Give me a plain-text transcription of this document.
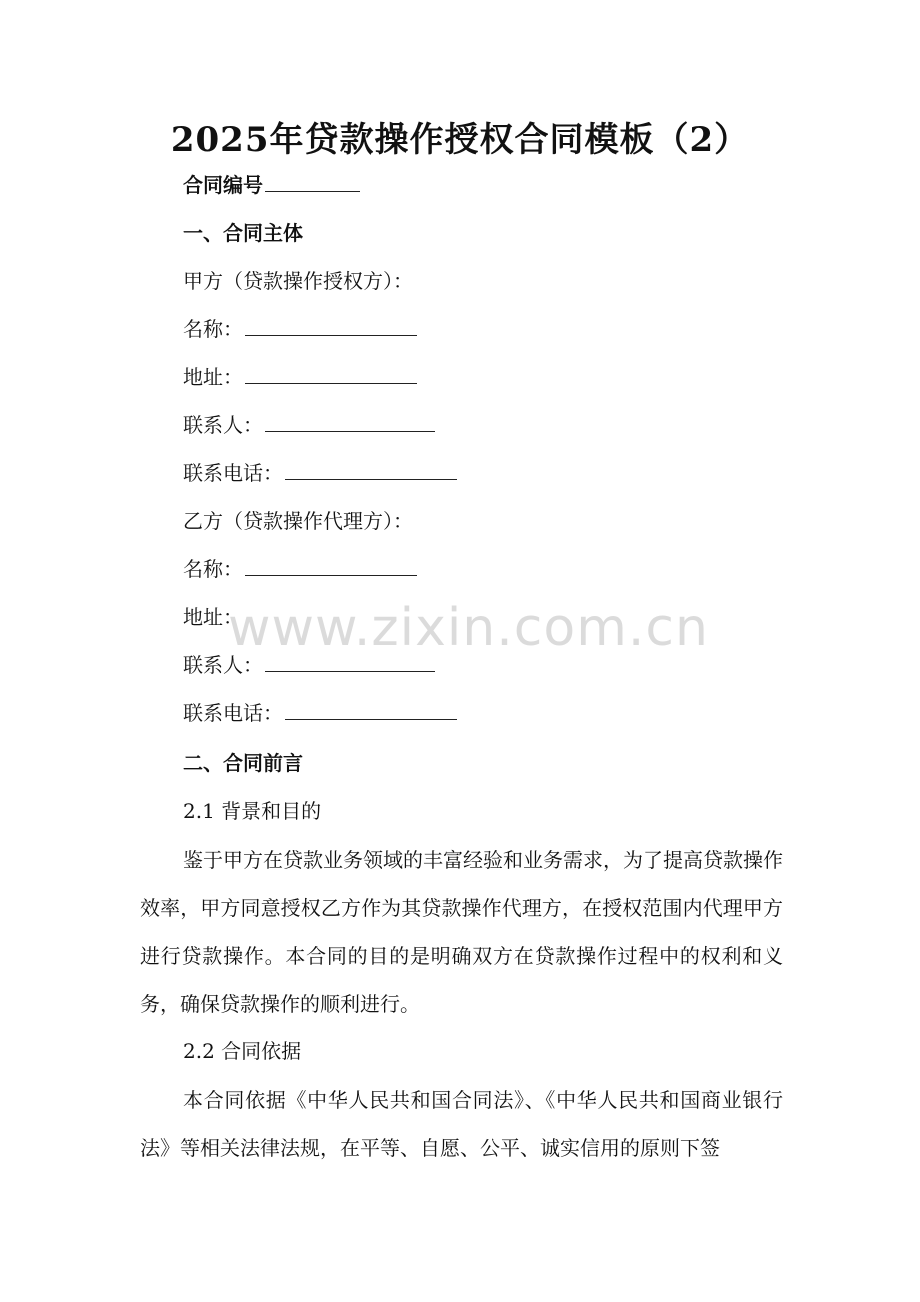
2025年贷款操作授权合同模板（2）
合同编号
一、合同主体
甲方（贷款操作授权方）：
名称：
地址：
联系人：
联系电话：
乙方（贷款操作代理方）：
名称：
地址：
联系人：
联系电话：
二、合同前言
2.1 背景和目的
鉴于甲方在贷款业务领域的丰富经验和业务需求，为了提高贷款操作效率，甲方同意授权乙方作为其贷款操作代理方，在授权范围内代理甲方进行贷款操作。本合同的目的是明确双方在贷款操作过程中的权利和义务，确保贷款操作的顺利进行。
2.2 合同依据
本合同依据《中华人民共和国合同法》、《中华人民共和国商业银行法》等相关法律法规，在平等、自愿、公平、诚实信用的原则下签
www.zixin.com.cn
